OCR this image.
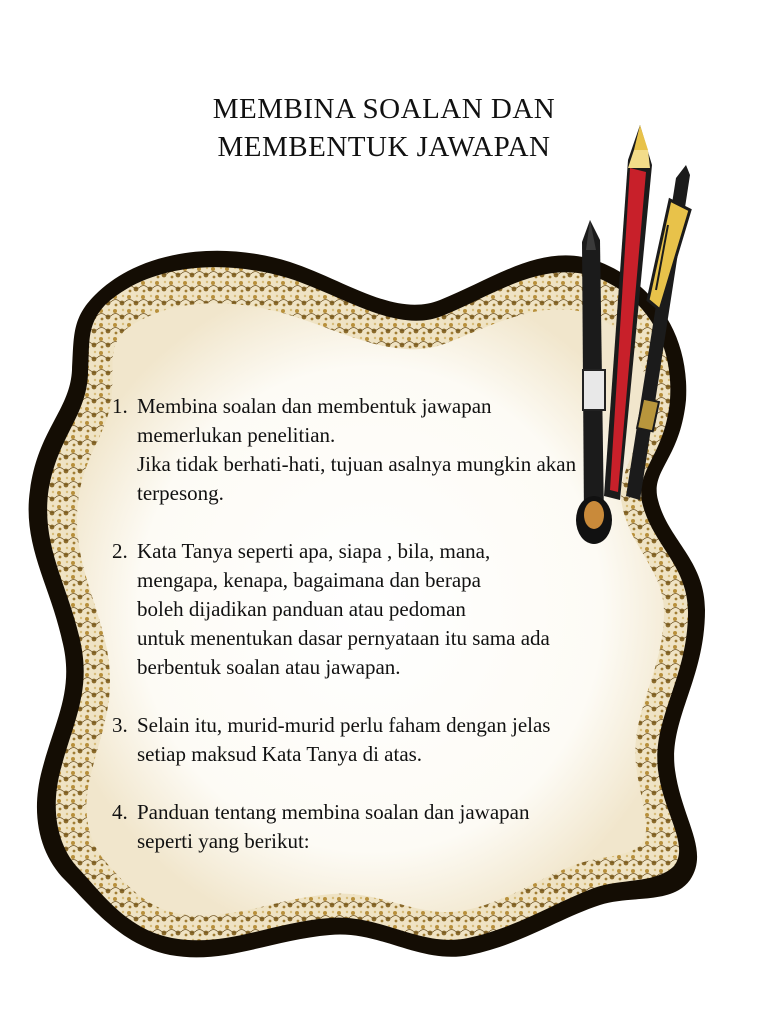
MEMBINA SOALAN DAN
MEMBENTUK JAWAPAN
1. Membina soalan dan membentuk jawapan
memerlukan penelitian.
Jika tidak berhati-hati, tujuan asalnya mungkin akan
terpesong.
2. Kata Tanya seperti apa, siapa , bila, mana,
mengapa, kenapa, bagaimana dan berapa
boleh dijadikan panduan atau pedoman
untuk menentukan dasar pernyataan itu sama ada
berbentuk soalan atau jawapan.
3. Selain itu, murid-murid perlu faham dengan jelas
setiap maksud Kata Tanya di atas.
4. Panduan tentang membina soalan dan jawapan
seperti yang berikut:
